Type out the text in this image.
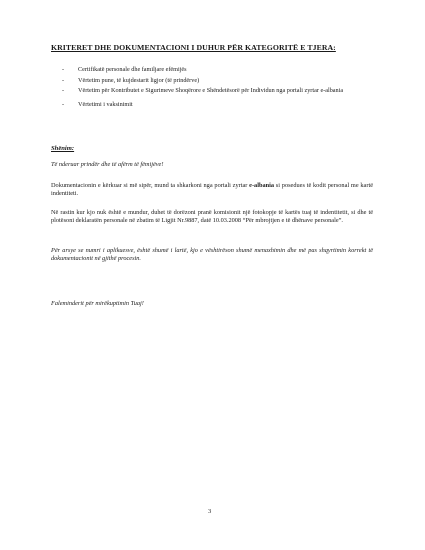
KRITERET DHE DOKUMENTACIONI I DUHUR PËR KATEGORITË E TJERA:
- Certifikatë personale dhe familjare efëmijës
- Vërtetim pune, të kujdestarit ligjor (të prindërve)
- Vërtetim për Kontributet e Sigurimeve Shoqërore e Shëndetësorë për Individun nga portali zyrtar e-albania
- Vërtetimi i vaksinimit
Shënim:
Të nderuar prindër dhe të afërm të fëmijëve!
Dokumentacionin e kërkuar si më sipër, mund ta shkarkoni nga portali zyrtar e-albania si posedues të kodit personal me kartë indentiteti.
Në rastin kur kjo nuk është e mundur, duhet të dorëzoni pranë komisionit një fotokopje të kartës tuaj të indentitetit, si dhe të plotësoni deklaratën personale në zbatim të Ligjit Nr.9887, datë 10.03.2008 “Për mbrojtjen e të dhënave personale”.
Për arsye se numri i aplikuesve, është shumë i lartë, kjo e vështirëson shumë menaxhimin dhe më pas shqyrtimin korrekt të dokumentacionit në gjithë procesin.
Faleminderit për mirëkuptimin Tuaj!
3
